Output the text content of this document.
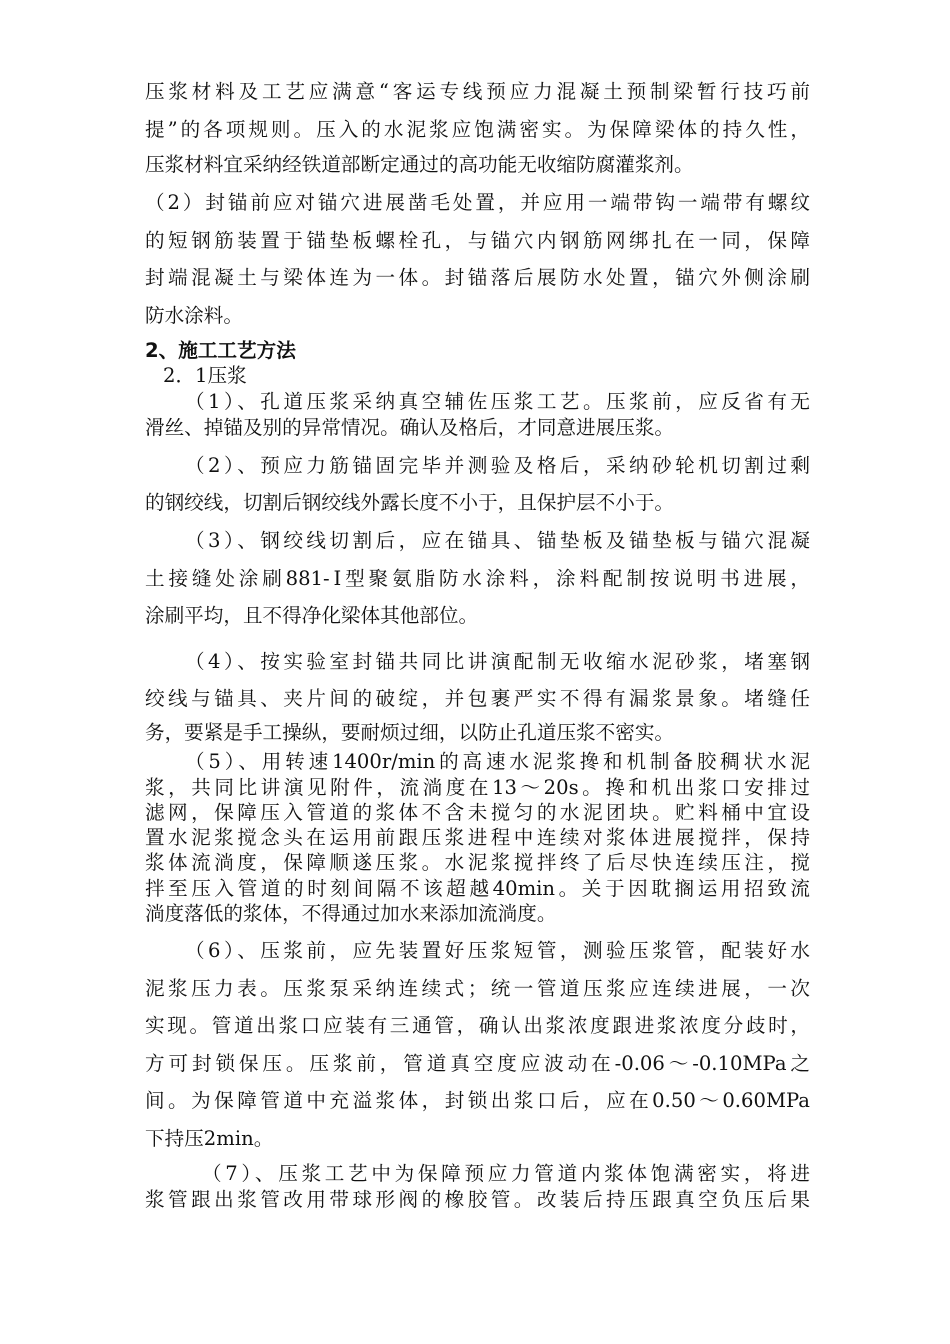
压浆材料及工艺应满意“客运专线预应力混凝土预制梁暂行技巧前
提”的各项规则。压入的水泥浆应饱满密实。为保障梁体的持久性，
压浆材料宜采纳经铁道部断定通过的高功能无收缩防腐灌浆剂。
（2）封锚前应对锚穴进展凿毛处置，并应用一端带钩一端带有螺纹
的短钢筋装置于锚垫板螺栓孔，与锚穴内钢筋网绑扎在一同，保障
封端混凝土与梁体连为一体。封锚落后展防水处置，锚穴外侧涂刷
防水涂料。
2、施工工艺方法
2．1压浆
（1）、孔道压浆采纳真空辅佐压浆工艺。压浆前，应反省有无
滑丝、掉锚及别的异常情况。确认及格后，才同意进展压浆。
（2）、预应力筋锚固完毕并测验及格后，采纳砂轮机切割过剩
的钢绞线，切割后钢绞线外露长度不小于，且保护层不小于。
（3）、钢绞线切割后，应在锚具、锚垫板及锚垫板与锚穴混凝
土接缝处涂刷881-Ⅰ型聚氨脂防水涂料，涂料配制按说明书进展，
涂刷平均，且不得净化梁体其他部位。
（4）、按实验室封锚共同比讲演配制无收缩水泥砂浆，堵塞钢
绞线与锚具、夹片间的破绽，并包裹严实不得有漏浆景象。堵缝任
务，要紧是手工操纵，要耐烦过细，以防止孔道压浆不密实。
（5）、用转速1400r/min的高速水泥浆搀和机制备胶稠状水泥
浆，共同比讲演见附件，流淌度在13～20s。搀和机出浆口安排过
滤网，保障压入管道的浆体不含未搅匀的水泥团块。贮料桶中宜设
置水泥浆搅念头在运用前跟压浆进程中连续对浆体进展搅拌，保持
浆体流淌度，保障顺遂压浆。水泥浆搅拌终了后尽快连续压注，搅
拌至压入管道的时刻间隔不该超越40min。关于因耽搁运用招致流
淌度落低的浆体，不得通过加水来添加流淌度。
（6）、压浆前，应先装置好压浆短管，测验压浆管，配装好水
泥浆压力表。压浆泵采纳连续式；统一管道压浆应连续进展，一次
实现。管道出浆口应装有三通管，确认出浆浓度跟进浆浓度分歧时，
方可封锁保压。压浆前，管道真空度应波动在-0.06～-0.10MPa之
间。为保障管道中充溢浆体，封锁出浆口后，应在0.50～0.60MPa
下持压2min。
（7）、压浆工艺中为保障预应力管道内浆体饱满密实，将进
浆管跟出浆管改用带球形阀的橡胶管。改装后持压跟真空负压后果
